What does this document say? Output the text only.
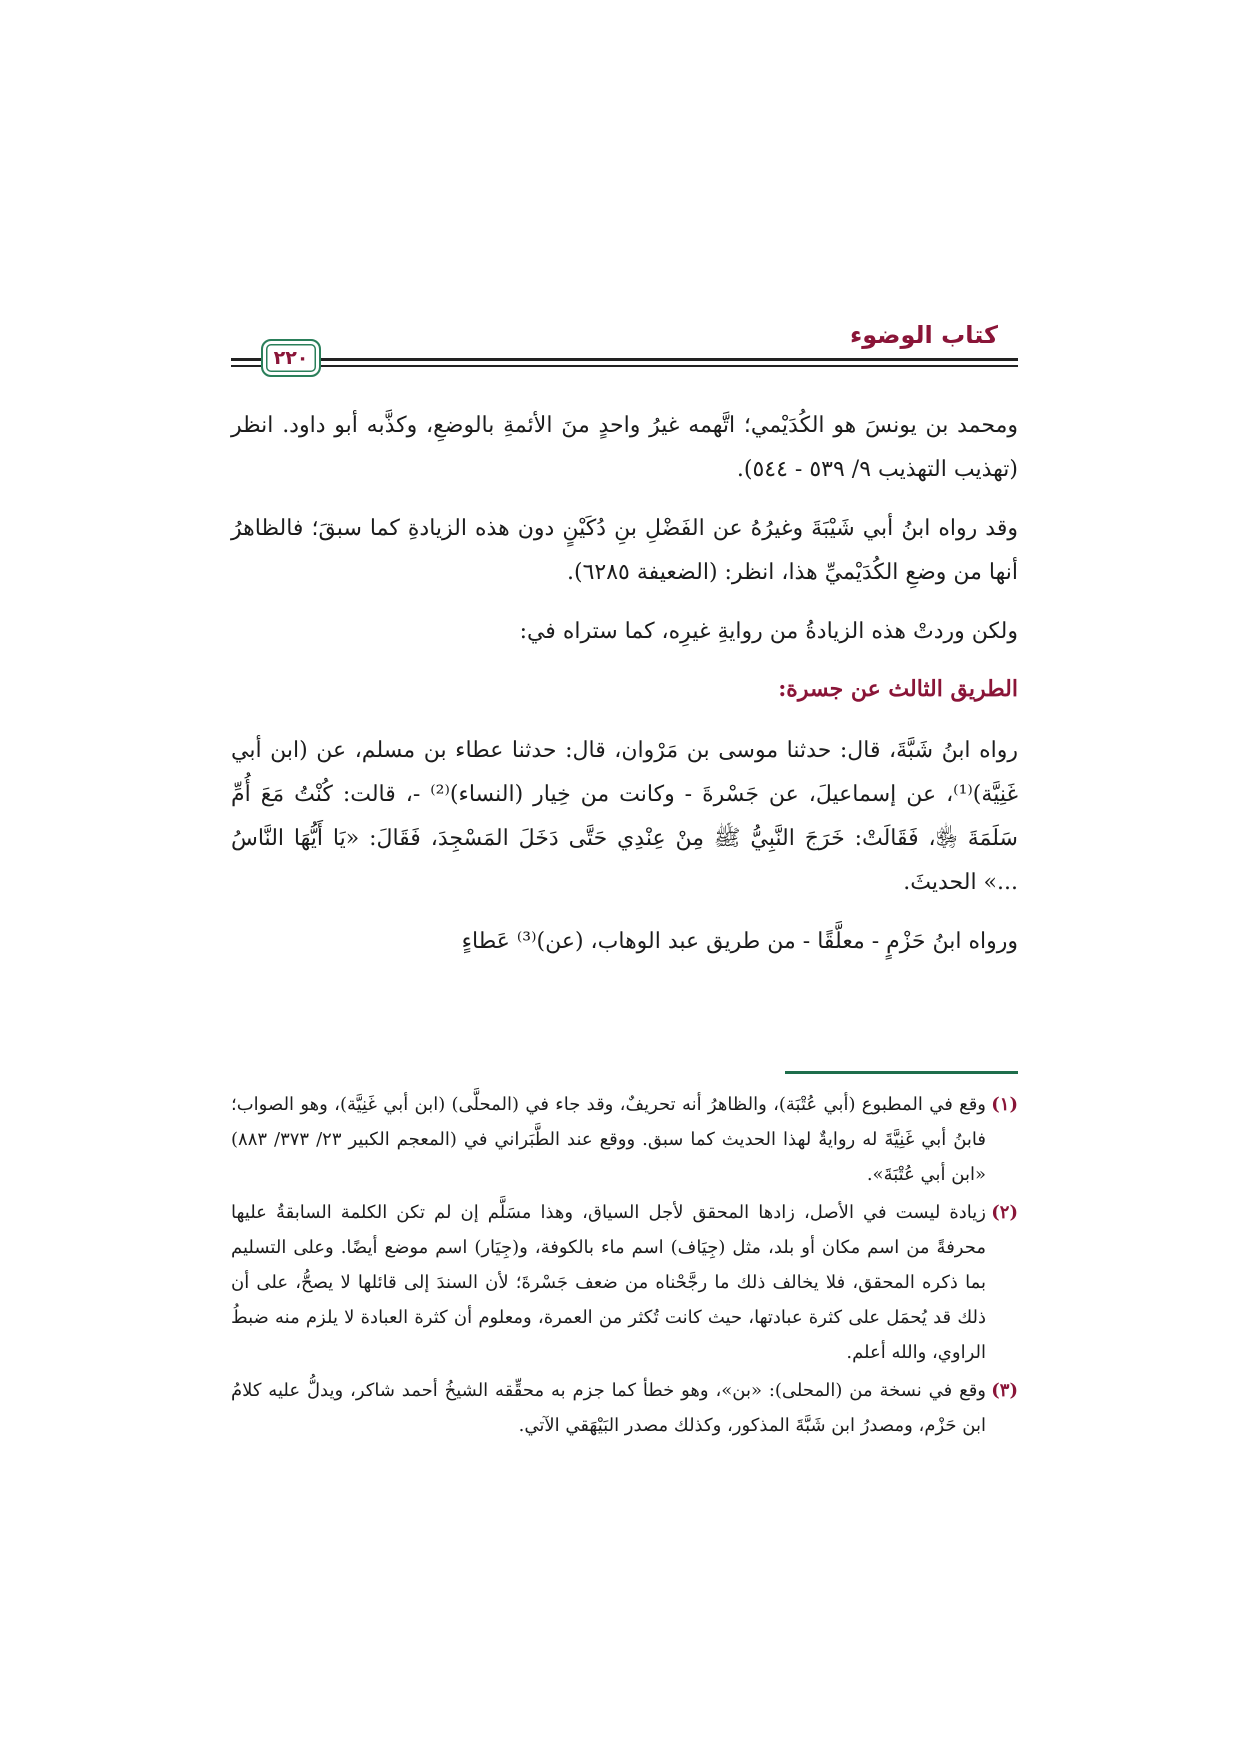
كتاب الوضوء
٢٢٠

ومحمد بن يونسَ هو الكُدَيْمي؛ اتَّهمه غيرُ واحدٍ منَ الأئمةِ بالوضعِ، وكذَّبه أبو داود. انظر (تهذيب التهذيب ٩/ ٥٣٩ - ٥٤٤).

وقد رواه ابنُ أبي شَيْبَةَ وغيرُهُ عن الفَضْلِ بنِ دُكَيْنٍ دون هذه الزيادةِ كما سبقَ؛ فالظاهرُ أنها من وضعِ الكُدَيْميِّ هذا، انظر: (الضعيفة ٦٢٨٥).

ولكن وردتْ هذه الزيادةُ من روايةِ غيرِه، كما ستراه في:

الطريق الثالث عن جسرة:

رواه ابنُ شَبَّةَ، قال: حدثنا موسى بن مَرْوان، قال: حدثنا عطاء بن مسلم، عن (ابن أبي غَنِيَّة)⁽¹⁾، عن إسماعيلَ، عن جَسْرةَ - وكانت من خِيار (النساء)⁽²⁾ -، قالت: كُنْتُ مَعَ أُمِّ سَلَمَةَ ﵂، فَقَالَتْ: خَرَجَ النَّبِيُّ ﷺ مِنْ عِنْدِي حَتَّى دَخَلَ المَسْجِدَ، فَقَالَ: «يَا أَيُّهَا النَّاسُ ...» الحديثَ.

ورواه ابنُ حَزْمٍ - معلَّقًا - من طريق عبد الوهاب، (عن)⁽³⁾ عَطاءٍ

(١)
وقع في المطبوع (أبي عُتْبَة)، والظاهرُ أنه تحريفٌ، وقد جاء في (المحلَّى) (ابن أبي غَنِيَّة)، وهو الصواب؛ فابنُ أبي غَنِيَّةَ له روايةٌ لهذا الحديث كما سبق. ووقع عند الطَّبَراني في (المعجم الكبير ٢٣/ ٣٧٣/ ٨٨٣) «ابن أبي عُتْبَةَ».

(٢)
زيادة ليست في الأصل، زادها المحقق لأجل السياق، وهذا مسَلَّم إن لم تكن الكلمة السابقةُ عليها محرفةً من اسم مكان أو بلد، مثل (جِيَاف) اسم ماء بالكوفة، و(جِيَار) اسم موضع أيضًا. وعلى التسليم بما ذكره المحقق، فلا يخالف ذلك ما رجَّحْناه من ضعف جَسْرةَ؛ لأن السندَ إلى قائلها لا يصحُّ، على أن ذلك قد يُحمَل على كثرة عبادتها، حيث كانت تُكثر من العمرة، ومعلوم أن كثرة العبادة لا يلزم منه ضبطُ الراوي، والله أعلم.

(٣)
وقع في نسخة من (المحلى): «بن»، وهو خطأ كما جزم به محقِّقه الشيخُ أحمد شاكر، ويدلُّ عليه كلامُ ابن حَزْم، ومصدرُ ابن شَبَّةَ المذكور، وكذلك مصدر البَيْهَقي الآتي.
